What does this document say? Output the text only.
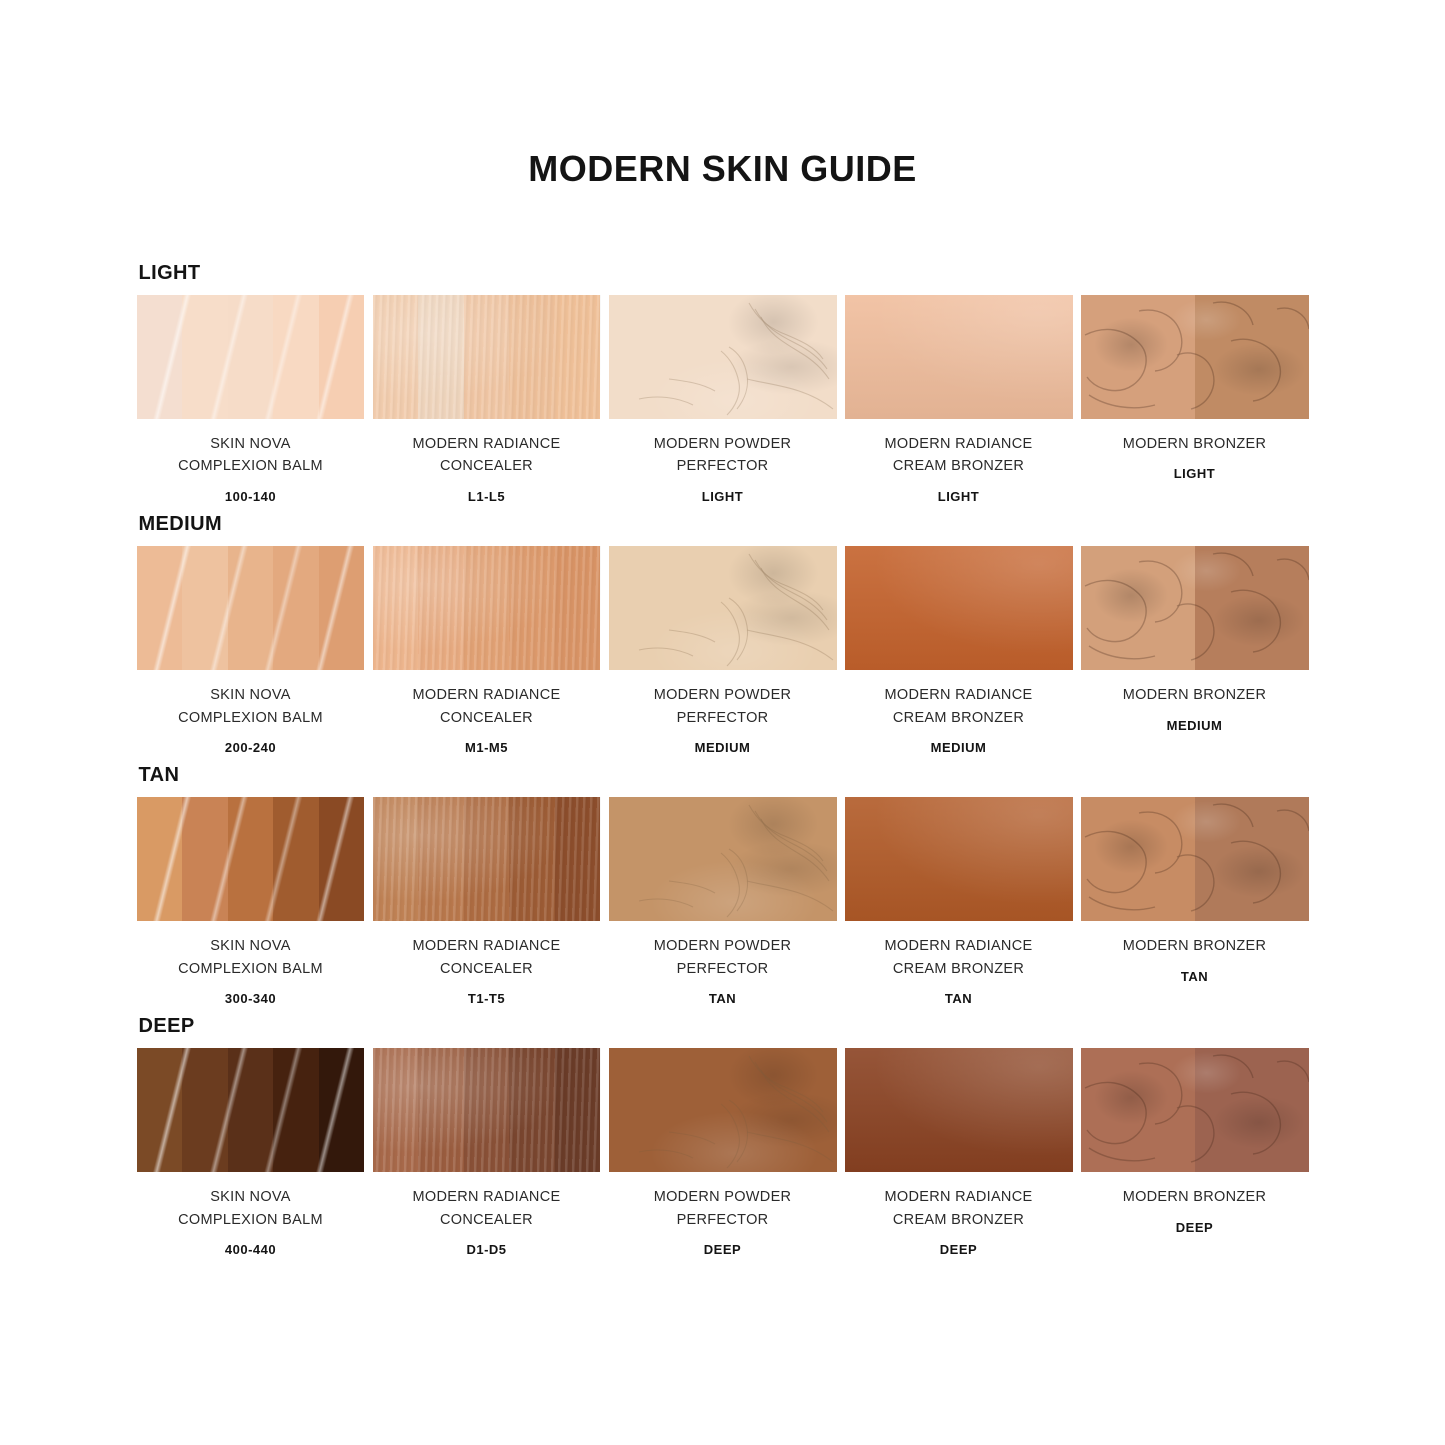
MODERN SKIN GUIDE
LIGHT
SKIN NOVA
COMPLEXION BALM
100-140
MODERN RADIANCE
CONCEALER
L1-L5
MODERN POWDER
PERFECTOR
LIGHT
MODERN RADIANCE
CREAM BRONZER
LIGHT
MODERN BRONZER
LIGHT
MEDIUM
SKIN NOVA
COMPLEXION BALM
200-240
MODERN RADIANCE
CONCEALER
M1-M5
MODERN POWDER
PERFECTOR
MEDIUM
MODERN RADIANCE
CREAM BRONZER
MEDIUM
MODERN BRONZER
MEDIUM
TAN
SKIN NOVA
COMPLEXION BALM
300-340
MODERN RADIANCE
CONCEALER
T1-T5
MODERN POWDER
PERFECTOR
TAN
MODERN RADIANCE
CREAM BRONZER
TAN
MODERN BRONZER
TAN
DEEP
SKIN NOVA
COMPLEXION BALM
400-440
MODERN RADIANCE
CONCEALER
D1-D5
MODERN POWDER
PERFECTOR
DEEP
MODERN RADIANCE
CREAM BRONZER
DEEP
MODERN BRONZER
DEEP
